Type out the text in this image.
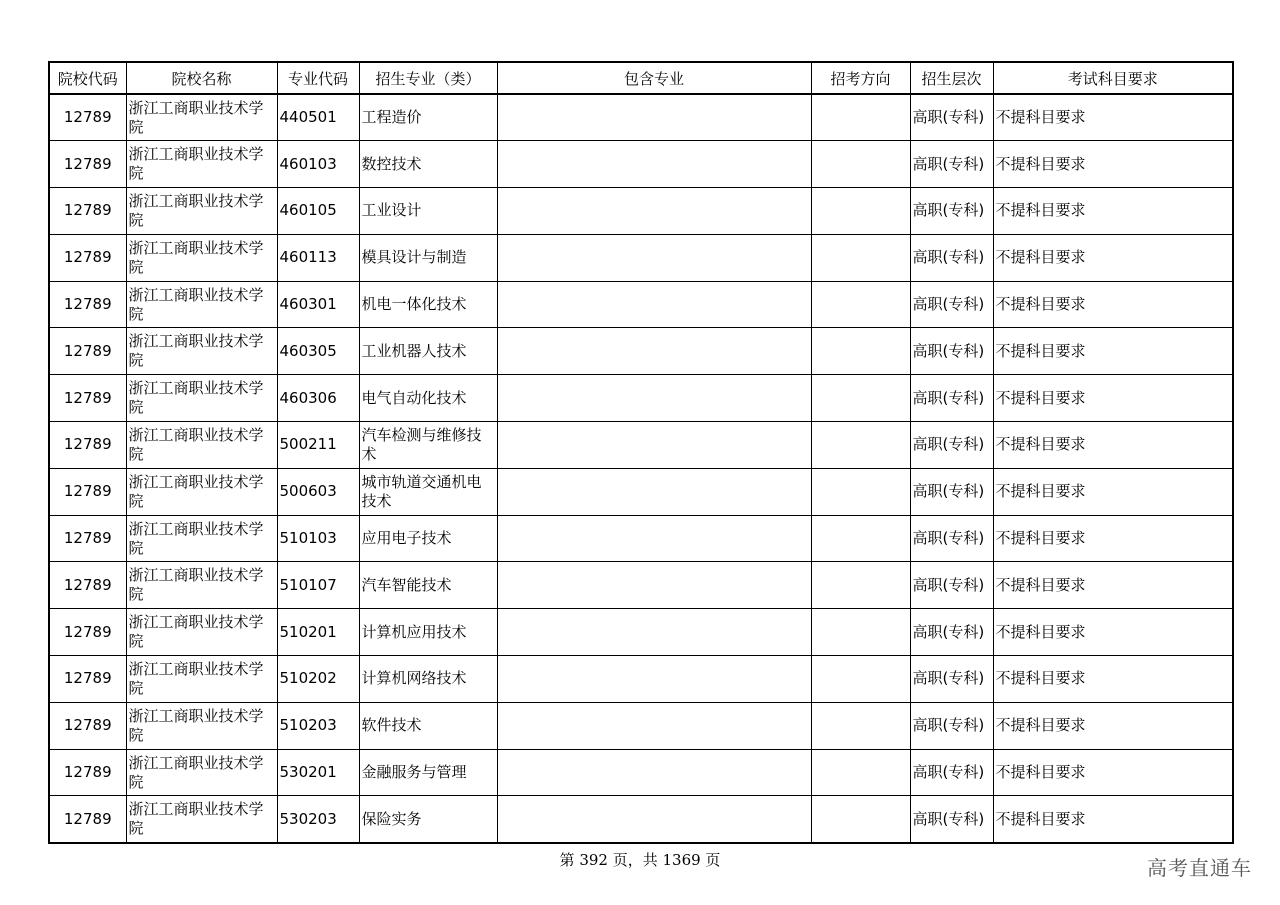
院校代码	院校名称	专业代码	招生专业（类）	包含专业	招考方向	招生层次	考试科目要求
12789	浙江工商职业技术学院	440501	工程造价			高职(专科)	不提科目要求
12789	浙江工商职业技术学院	460103	数控技术			高职(专科)	不提科目要求
12789	浙江工商职业技术学院	460105	工业设计			高职(专科)	不提科目要求
12789	浙江工商职业技术学院	460113	模具设计与制造			高职(专科)	不提科目要求
12789	浙江工商职业技术学院	460301	机电一体化技术			高职(专科)	不提科目要求
12789	浙江工商职业技术学院	460305	工业机器人技术			高职(专科)	不提科目要求
12789	浙江工商职业技术学院	460306	电气自动化技术			高职(专科)	不提科目要求
12789	浙江工商职业技术学院	500211	汽车检测与维修技术			高职(专科)	不提科目要求
12789	浙江工商职业技术学院	500603	城市轨道交通机电技术			高职(专科)	不提科目要求
12789	浙江工商职业技术学院	510103	应用电子技术			高职(专科)	不提科目要求
12789	浙江工商职业技术学院	510107	汽车智能技术			高职(专科)	不提科目要求
12789	浙江工商职业技术学院	510201	计算机应用技术			高职(专科)	不提科目要求
12789	浙江工商职业技术学院	510202	计算机网络技术			高职(专科)	不提科目要求
12789	浙江工商职业技术学院	510203	软件技术			高职(专科)	不提科目要求
12789	浙江工商职业技术学院	530201	金融服务与管理			高职(专科)	不提科目要求
12789	浙江工商职业技术学院	530203	保险实务			高职(专科)	不提科目要求
第 392 页，共 1369 页	高考直通车
